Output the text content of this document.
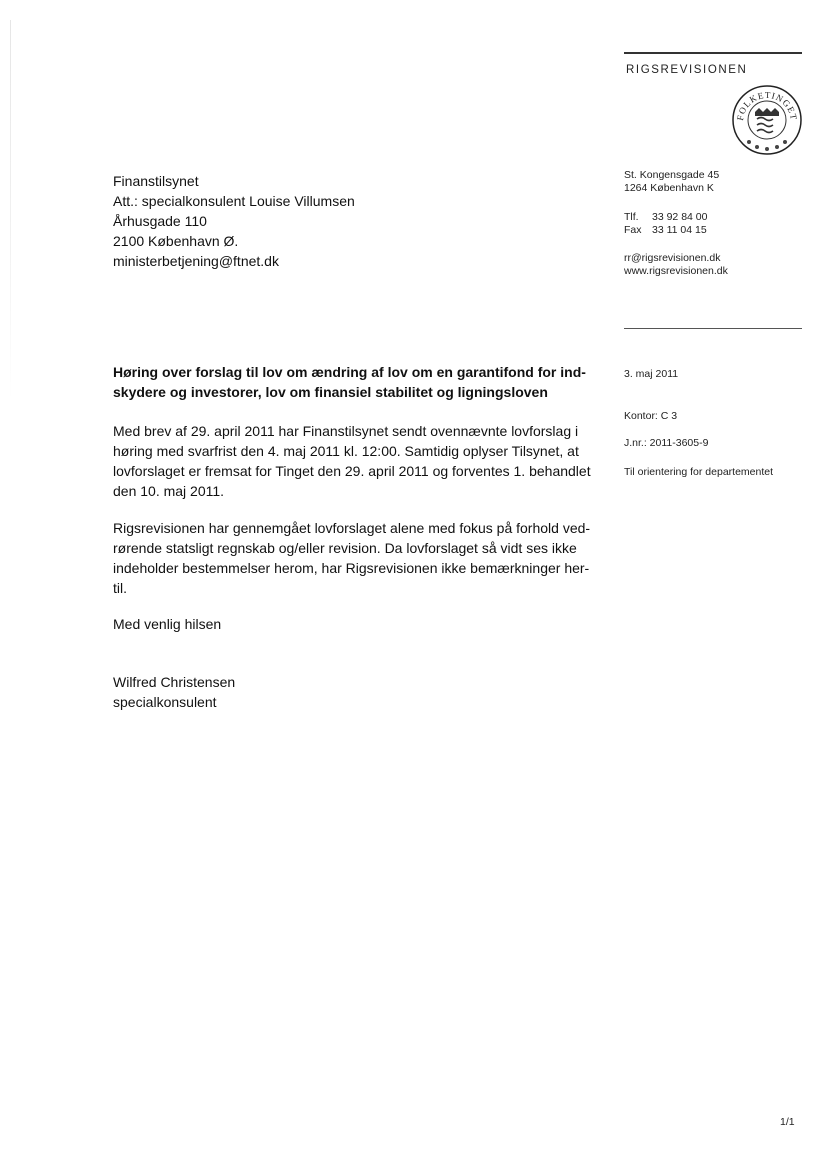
RIGSREVISIONEN
FOLKETINGET
St. Kongensgade 45
1264 København K
Tlf. 33 92 84 00
Fax 33 11 04 15
rr@rigsrevisionen.dk
www.rigsrevisionen.dk
3. maj 2011
Kontor: C 3
J.nr.: 2011-3605-9
Til orientering for departementet
Finanstilsynet
Att.: specialkonsulent Louise Villumsen
Århusgade 110
2100 København Ø.
ministerbetjening@ftnet.dk
Høring over forslag til lov om ændring af lov om en garantifond for ind-
skydere og investorer, lov om finansiel stabilitet og ligningsloven
Med brev af 29. april 2011 har Finanstilsynet sendt ovennævnte lovforslag i
høring med svarfrist den 4. maj 2011 kl. 12:00. Samtidig oplyser Tilsynet, at
lovforslaget er fremsat for Tinget den 29. april 2011 og forventes 1. behandlet
den 10. maj 2011.
Rigsrevisionen har gennemgået lovforslaget alene med fokus på forhold ved-
rørende statsligt regnskab og/eller revision. Da lovforslaget så vidt ses ikke
indeholder bestemmelser herom, har Rigsrevisionen ikke bemærkninger her-
til.
Med venlig hilsen
Wilfred Christensen
specialkonsulent
1/1
